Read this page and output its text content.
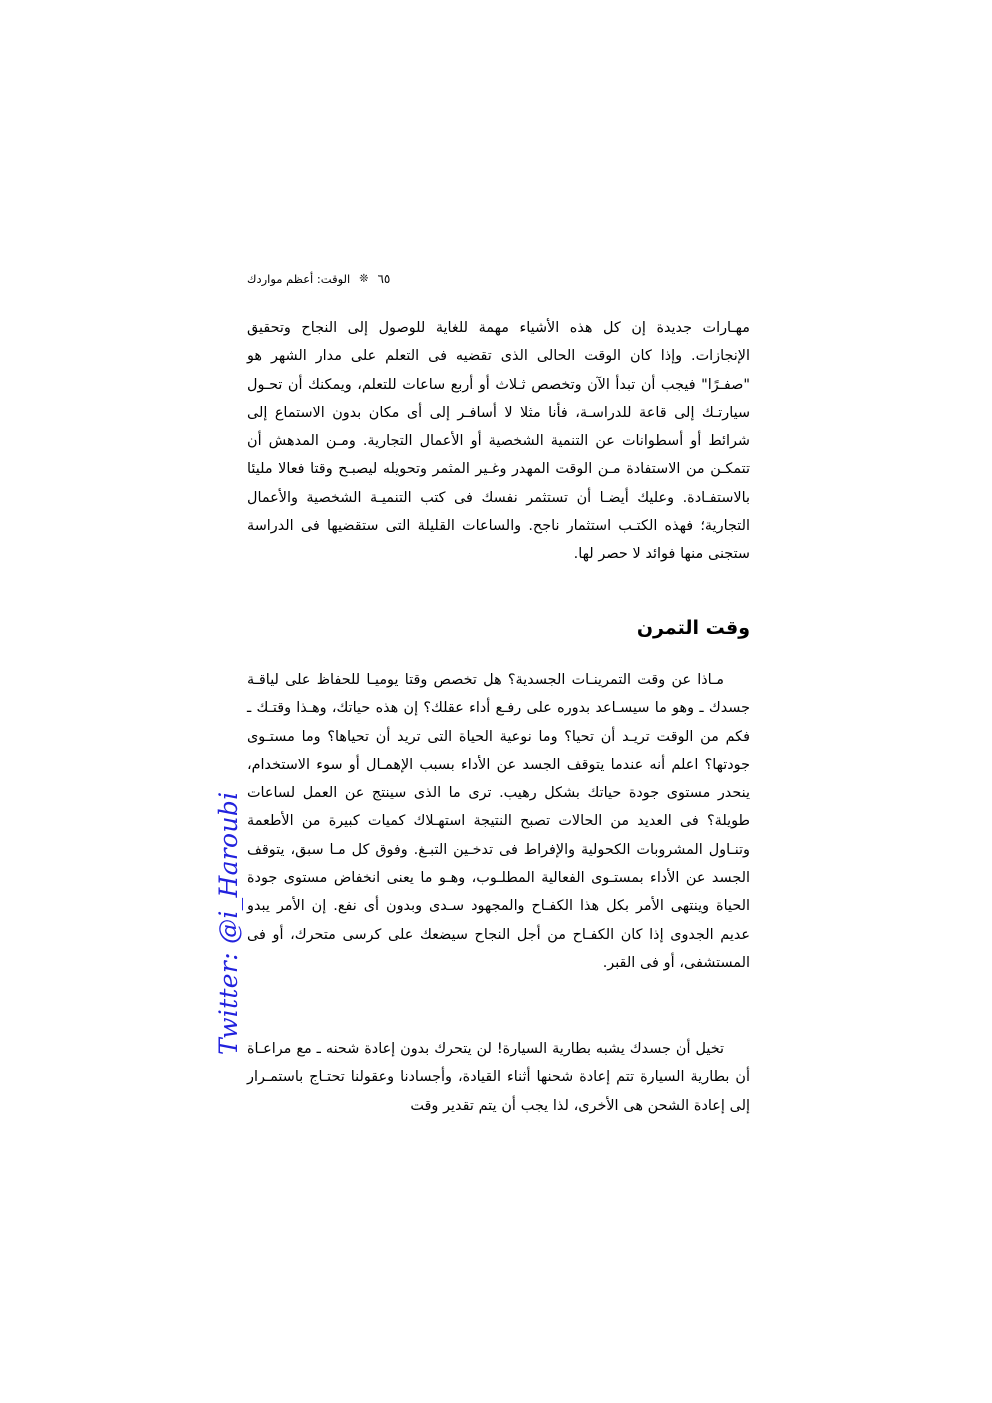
٦٥
❊
الوقت: أعظم مواردك

مهـارات جديدة إن كل هذه الأشياء مهمة للغاية للوصول إلى النجاح وتحقيق الإنجازات. وإذا كان الوقت الحالى الذى تقضيه فى التعلم على مدار الشهر هو "صفـرًا" فيجب أن تبدأ الآن وتخصص ثـلاث أو أربع ساعات للتعلم، ويمكنك أن تحـول سيارتـك إلى قاعة للدراسـة، فأنا مثلا لا أسافـر إلى أى مكان بدون الاستماع إلى شرائط أو أسطوانات عن التنمية الشخصية أو الأعمال التجارية. ومـن المدهش أن تتمكـن من الاستفادة مـن الوقت المهدر وغـير المثمر وتحويله ليصبـح وقتا فعالا مليئا بالاستفـادة. وعليك أيضـا أن تستثمر نفسك فى كتب التنميـة الشخصية والأعمال التجارية؛ فهذه الكتـب استثمار ناجح. والساعات القليلة التى ستقضيها فى الدراسة ستجنى منها فوائد لا حصر لها.

وقت التمرن

مـاذا عن وقت التمرينـات الجسدية؟ هل تخصص وقتا يوميـا للحفاظ على لياقـة جسدك ـ وهو ما سيسـاعد بدوره على رفـع أداء عقلك؟ إن هذه حياتك، وهـذا وقتـك ـ فكم من الوقت تريـد أن تحيا؟ وما نوعية الحياة التى تريد أن تحياها؟ وما مستـوى جودتها؟ اعلم أنه عندما يتوقف الجسد عن الأداء بسبب الإهمـال أو سوء الاستخدام، ينحدر مستوى جودة حياتك بشكل رهيب. ترى ما الذى سينتج عن العمل لساعات طويلة؟ فى العديد من الحالات تصبح النتيجة استهـلاك كميات كبيرة من الأطعمة وتنـاول المشروبات الكحولية والإفراط فى تدخـين التبـغ. وفوق كل مـا سبق، يتوقف الجسد عن الأداء بمستـوى الفعالية المطلـوب، وهـو ما يعنى انخفاض مستوى جودة الحياة وينتهى الأمر بكل هذا الكفـاح والمجهود سـدى وبدون أى نفع. إن الأمر يبدو عديم الجدوى إذا كان الكفـاح من أجل النجاح سيضعك على كرسى متحرك، أو فى المستشفى، أو فى القبر.

تخيل أن جسدك يشبه بطارية السيارة! لن يتحرك بدون إعادة شحنه ـ مع مراعـاة أن بطارية السيارة تتم إعادة شحنها أثناء القيادة، وأجسادنا وعقولنا تحتـاج باستمـرار إلى إعادة الشحن هى الأخرى، لذا يجب أن يتم تقدير وقت

Twitter: @i_Haroubi
